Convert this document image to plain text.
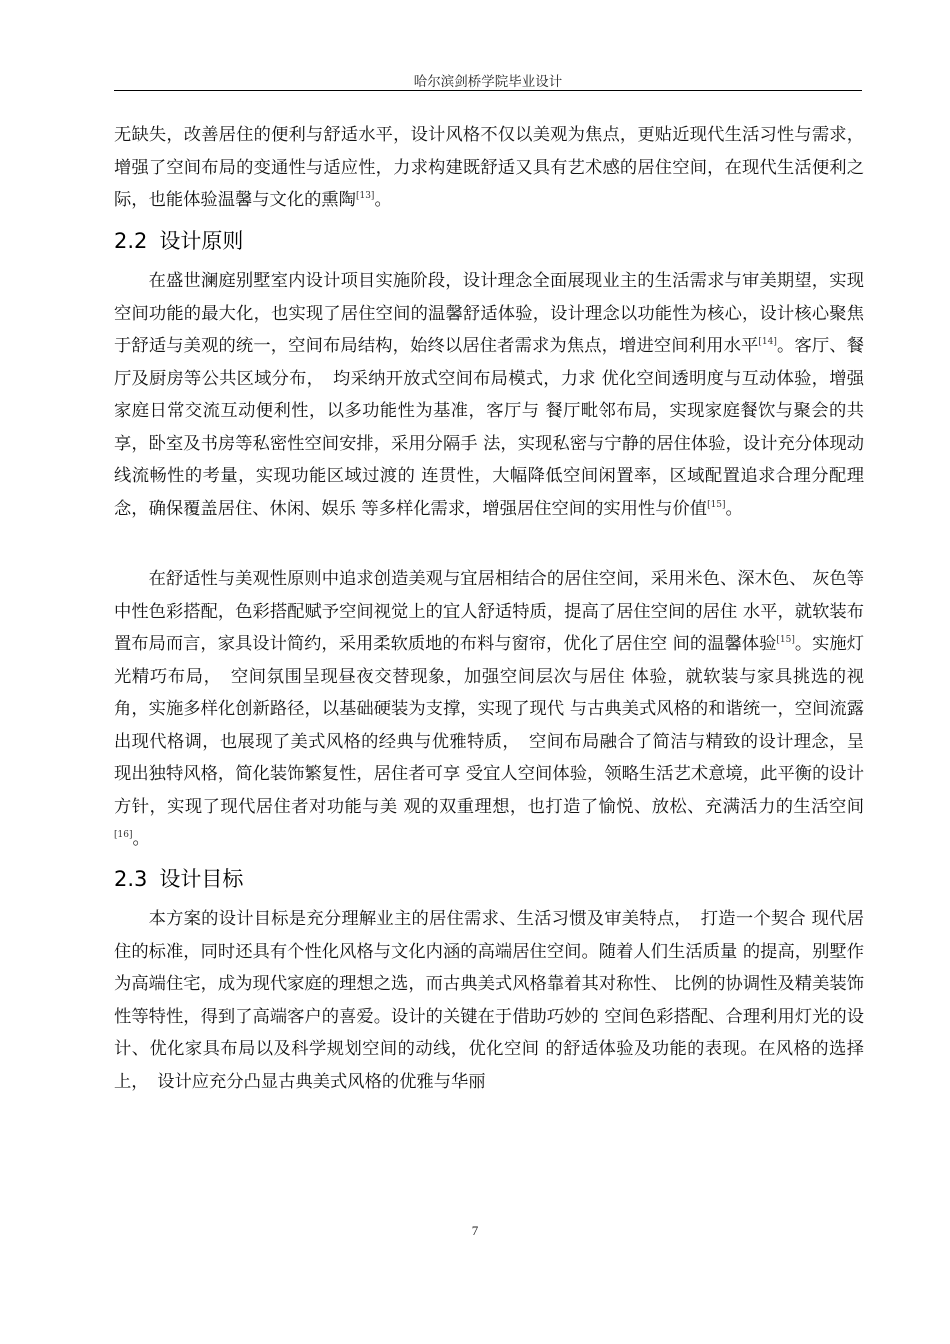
哈尔滨剑桥学院毕业设计
无缺失，改善居住的便利与舒适水平，设计风格不仅以美观为焦点，更贴近现代生活习性与需求，增强了空间布局的变通性与适应性，力求构建既舒适又具有艺术感的居住空间，在现代生活便利之际，也能体验温馨与文化的熏陶[13]。
2.2 设计原则
在盛世澜庭别墅室内设计项目实施阶段，设计理念全面展现业主的生活需求与审美期望，实现空间功能的最大化，也实现了居住空间的温馨舒适体验，设计理念以功能性为核心，设计核心聚焦于舒适与美观的统一，空间布局结构，始终以居住者需求为焦点，增进空间利用水平[14]。客厅、餐厅及厨房等公共区域分布，　均采纳开放式空间布局模式，力求 优化空间透明度与互动体验，增强家庭日常交流互动便利性，以多功能性为基准，客厅与 餐厅毗邻布局，实现家庭餐饮与聚会的共享，卧室及书房等私密性空间安排，采用分隔手 法，实现私密与宁静的居住体验，设计充分体现动线流畅性的考量，实现功能区域过渡的 连贯性，大幅降低空间闲置率，区域配置追求合理分配理念，确保覆盖居住、休闲、娱乐 等多样化需求，增强居住空间的实用性与价值[15]。
在舒适性与美观性原则中追求创造美观与宜居相结合的居住空间，采用米色、深木色、 灰色等中性色彩搭配，色彩搭配赋予空间视觉上的宜人舒适特质，提高了居住空间的居住 水平，就软装布置布局而言，家具设计简约，采用柔软质地的布料与窗帘，优化了居住空 间的温馨体验[15]。实施灯光精巧布局，　空间氛围呈现昼夜交替现象，加强空间层次与居住 体验，就软装与家具挑选的视角，实施多样化创新路径，以基础硬装为支撑，实现了现代 与古典美式风格的和谐统一，空间流露出现代格调，也展现了美式风格的经典与优雅特质，　空间布局融合了简洁与精致的设计理念，呈现出独特风格，简化装饰繁复性，居住者可享 受宜人空间体验，领略生活艺术意境，此平衡的设计方针，实现了现代居住者对功能与美 观的双重理想，也打造了愉悦、放松、充满活力的生活空间[16]。
2.3 设计目标
本方案的设计目标是充分理解业主的居住需求、生活习惯及审美特点，　打造一个契合 现代居住的标准，同时还具有个性化风格与文化内涵的高端居住空间。随着人们生活质量 的提高，别墅作为高端住宅，成为现代家庭的理想之选，而古典美式风格靠着其对称性、 比例的协调性及精美装饰性等特性，得到了高端客户的喜爱。设计的关键在于借助巧妙的 空间色彩搭配、合理利用灯光的设计、优化家具布局以及科学规划空间的动线，优化空间 的舒适体验及功能的表现。在风格的选择上，　设计应充分凸显古典美式风格的优雅与华丽
7
